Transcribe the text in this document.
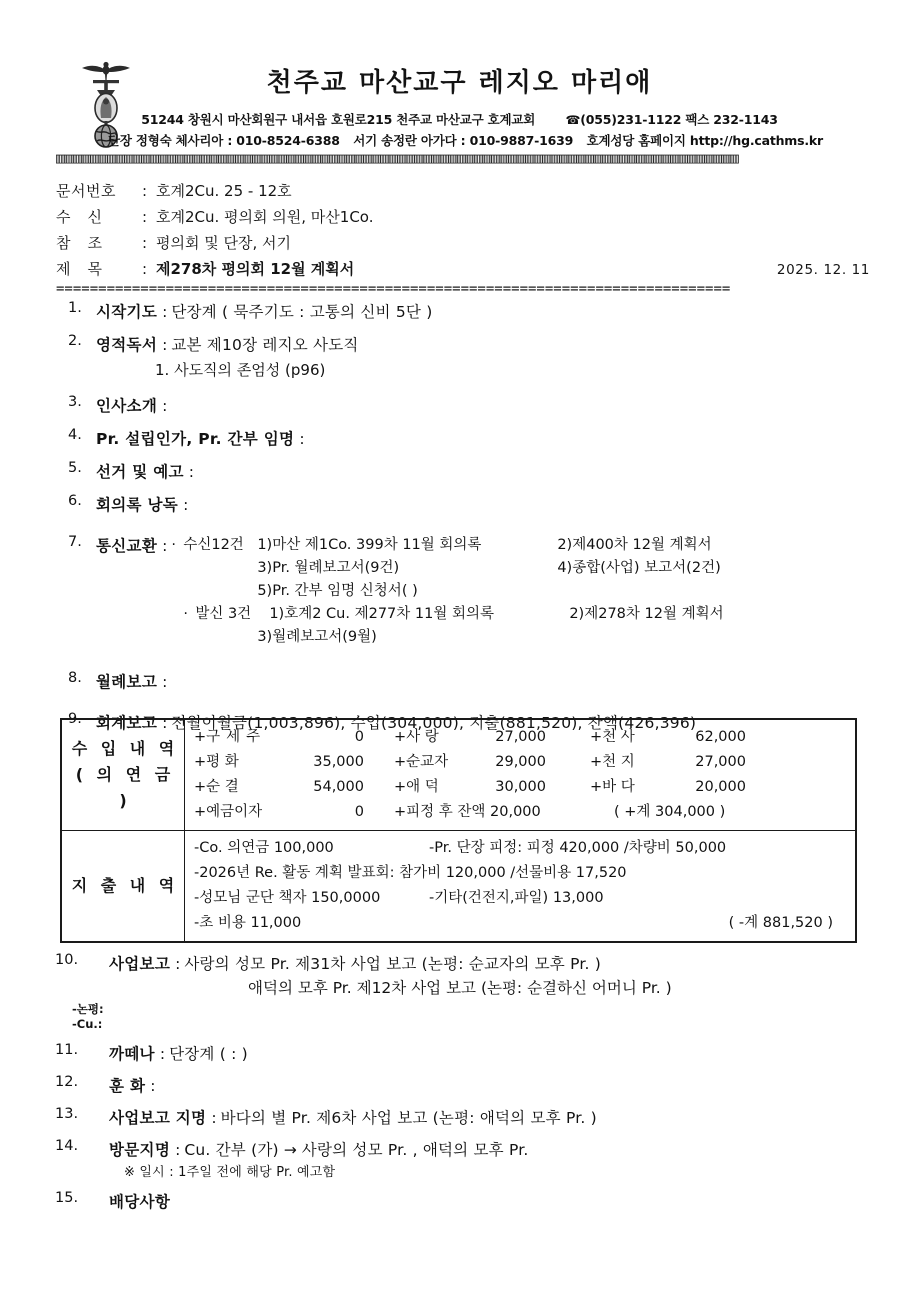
천주교 마산교구 레지오 마리애
51244 창원시 마산회원구 내서읍 호원로215 천주교 마산교구 호계교회	☎(055)231-1122 팩스 232-1143
단장 정형숙 체사리아 : 010-8524-6388 서기 송정란 아가다 : 010-9887-1639 호계성당 홈페이지 http://hg.cathms.kr
▥▥▥▥▥▥▥▥▥▥▥▥▥▥▥▥▥▥▥▥▥▥▥▥▥▥▥▥▥▥▥▥▥▥▥▥▥▥▥▥▥▥▥▥▥▥▥▥▥▥▥▥▥▥▥▥▥▥▥▥▥▥▥▥▥▥▥▥▥▥▥▥▥▥▥▥▥▥▥▥
문서번호	: 호계2Cu. 25 - 12호
수신	: 호계2Cu. 평의회 의원, 마산1Co.
참조	: 평의회 및 단장, 서기
제목	: 제278차 평의회 12월 계획서	2025. 12. 11
================================================================================
1. 시작기도 : 단장계 ( 묵주기도 : 고통의 신비 5단 )
2. 영적독서 : 교본 제10장 레지오 사도직
1. 사도직의 존엄성 (p96)
3. 인사소개 :
4. Pr. 설립인가, Pr. 간부 임명 :
5. 선거 및 예고 :
6. 회의록 낭독 :
7. 통신교환 : · 수신12건 1)마산 제1Co. 399차 11월 회의록	2)제400차 12월 계획서
3)Pr. 월례보고서(9건)	4)종합(사업) 보고서(2건)
5)Pr. 간부 임명 신청서( )
· 발신 3건	1)호계2 Cu. 제277차 11월 회의록	2)제278차 12월 계획서
3)월례보고서(9월)
8. 월례보고 :
9. 회계보고 : 전월이월금(1,003,896), 수입(304,000), 지출(881,520), 잔액(426,396)
수 입 내 역
( 의 연 금 )

+구세주	0 +사 랑	27,000	+천 사	62,000
+평 화	35,000 +순교자	29,000	+천 지	27,000
+순 결	54,000 +애 덕	30,000	+바 다	20,000
+예금이자	0 +피정 후 잔액 20,000	( +계 304,000 )

지 출 내 역	
-Co. 의연금 100,000	-Pr. 단장 피정: 피정 420,000 /차량비 50,000
-2026년 Re. 활동 계획 발표회: 참가비 120,000 /선물비용 17,520
-성모님 군단 책자 150,0000	-기타(건전지,파일) 13,000
-초 비용 11,000	( -계 881,520 )
10.	사업보고 : 사랑의 성모 Pr. 제31차 사업 보고 (논평: 순교자의 모후 Pr. )
애덕의 모후 Pr. 제12차 사업 보고 (논평: 순결하신 어머니 Pr. )
-논평:
-Cu.:
11.	까떼나 : 단장계 ( : )
12.	훈 화 :
13.	사업보고 지명 : 바다의 별 Pr. 제6차 사업 보고 (논평: 애덕의 모후 Pr. )
14.	방문지명 : Cu. 간부 (가) → 사랑의 성모 Pr. , 애덕의 모후 Pr.
※ 일시 : 1주일 전에 해당 Pr. 예고함
15.	배당사항
